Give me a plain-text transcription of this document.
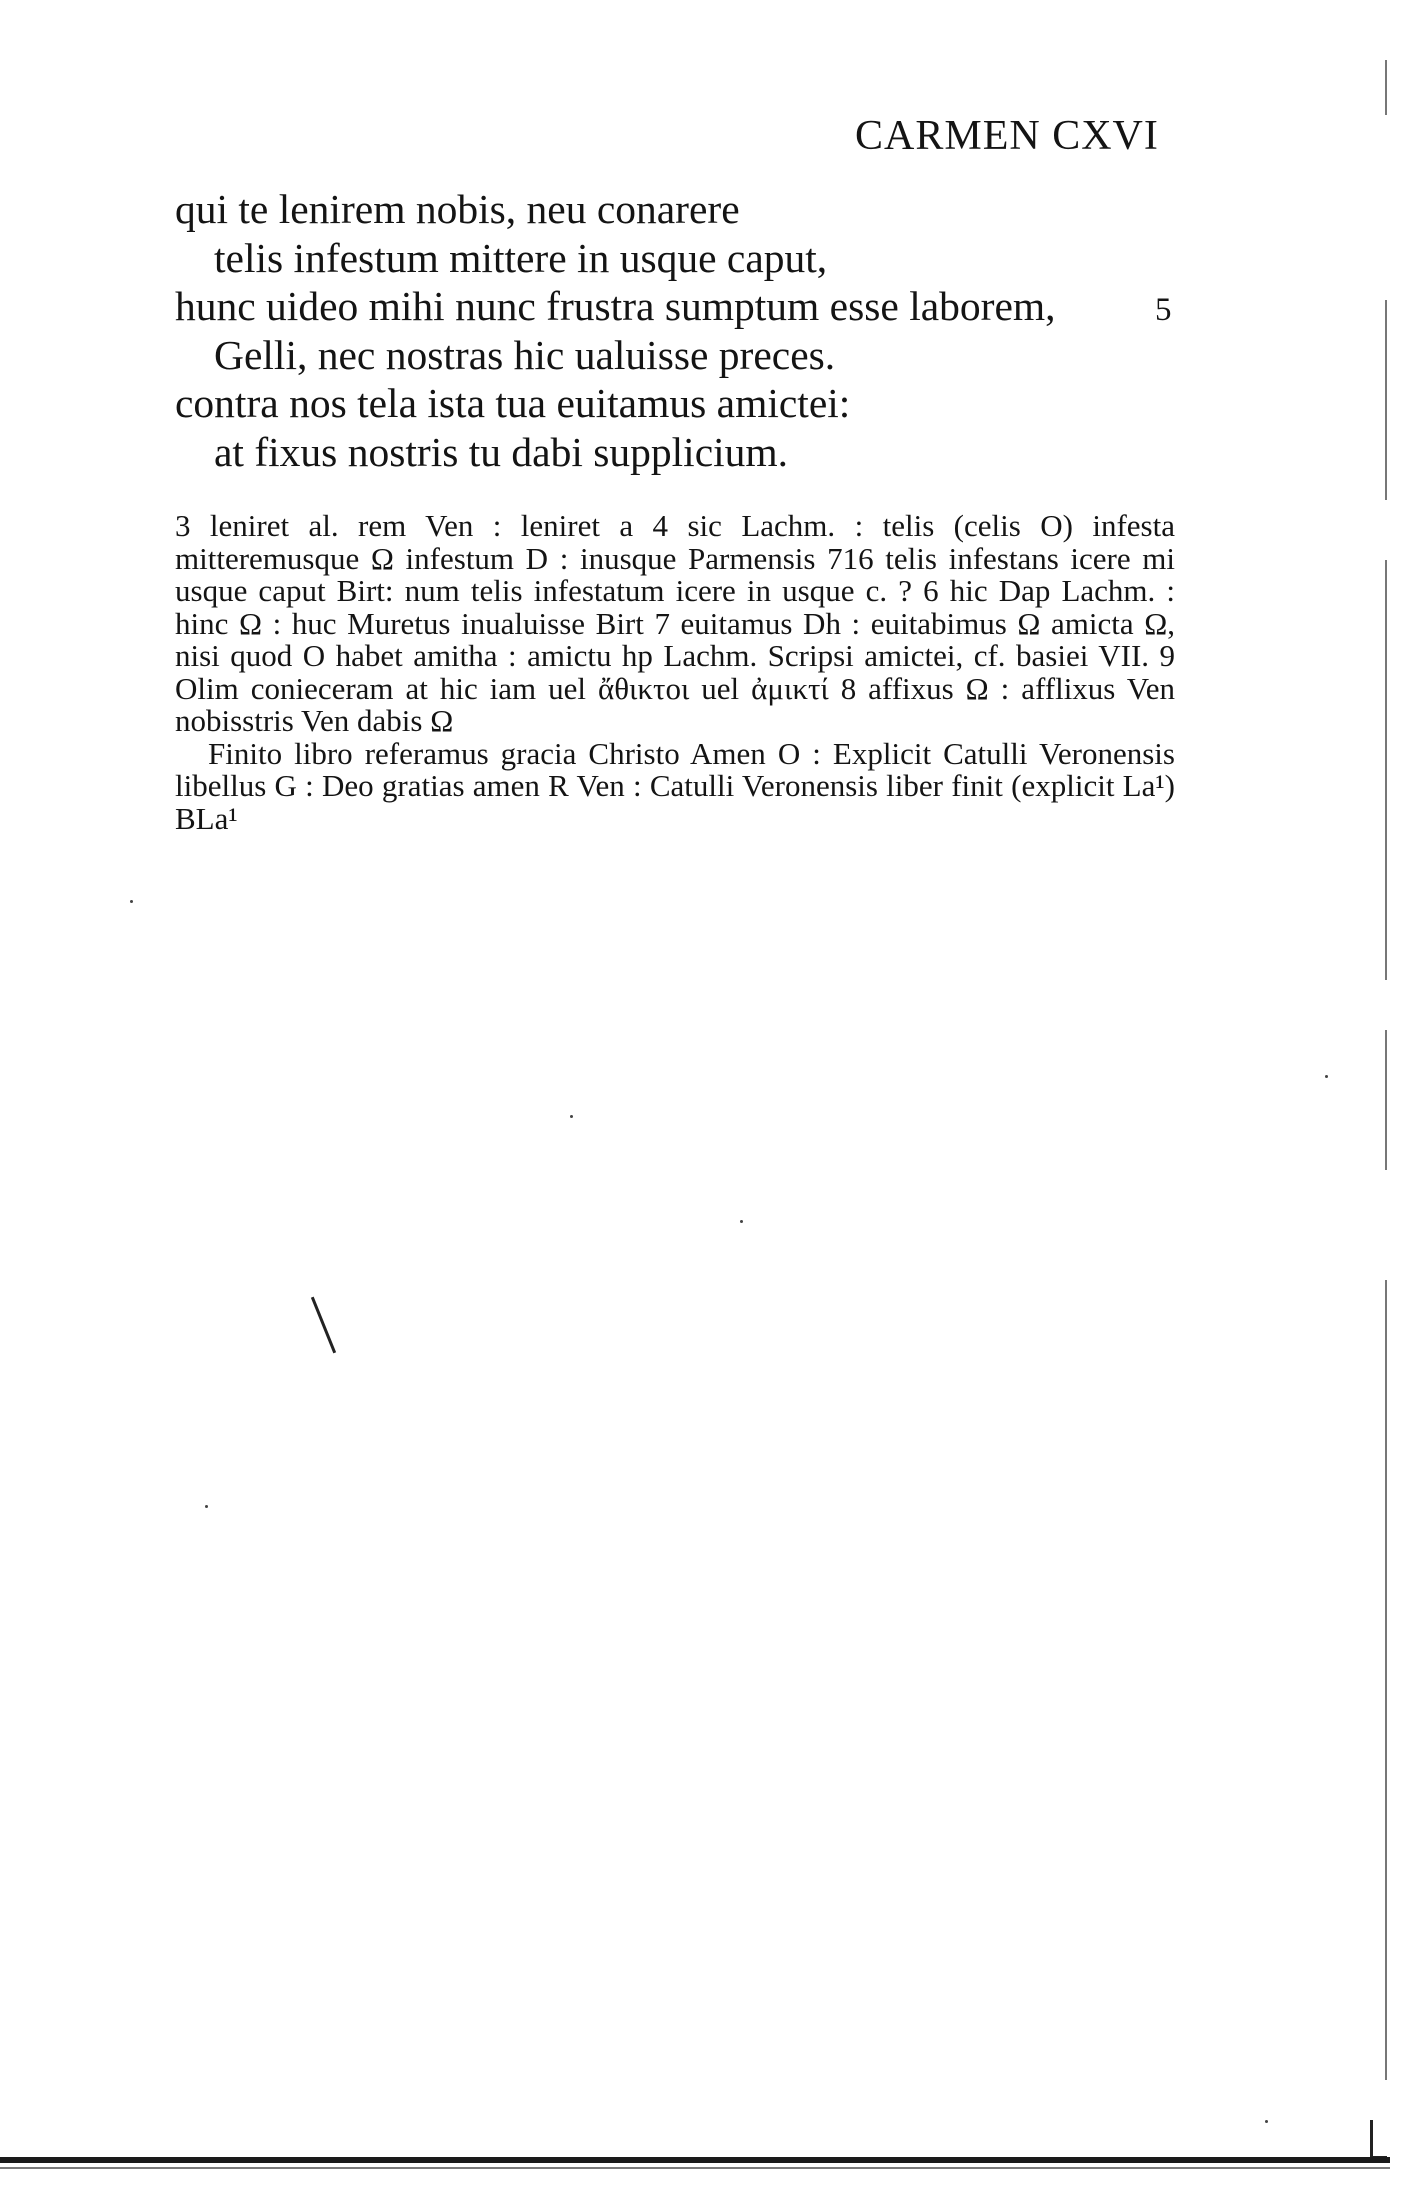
CARMEN CXVI
qui te lenirem nobis, neu conarere
telis infestum mittere in usque caput,
hunc uideo mihi nunc frustra sumptum esse laborem,	5
Gelli, nec nostras hic ualuisse preces.
contra nos tela ista tua euitamus amictei:
at fixus nostris tu dabi supplicium.

3 leniret al. rem Ven : leniret a 4 sic Lachm. : telis (celis O) infesta mitteremusque Ω infestum D : inusque Parmensis 716 telis infestans icere mi usque caput Birt: num telis infestatum icere in usque c. ? 6 hic Dap Lachm. : hinc Ω : huc Muretus inualuisse Birt 7 euitamus Dh : euitabimus Ω amicta Ω, nisi quod O habet amitha : amictu hp Lachm. Scripsi amictei, cf. basiei VII. 9 Olim conieceram at hic iam uel ἄθικτοι uel ἀμικτί 8 affixus Ω : afflixus Ven nobisstris Ven dabis Ω

Finito libro referamus gracia Christo Amen O : Explicit Catulli Veronensis libellus G : Deo gratias amen R Ven : Catulli Veronensis liber finit (explicit La¹) BLa¹
